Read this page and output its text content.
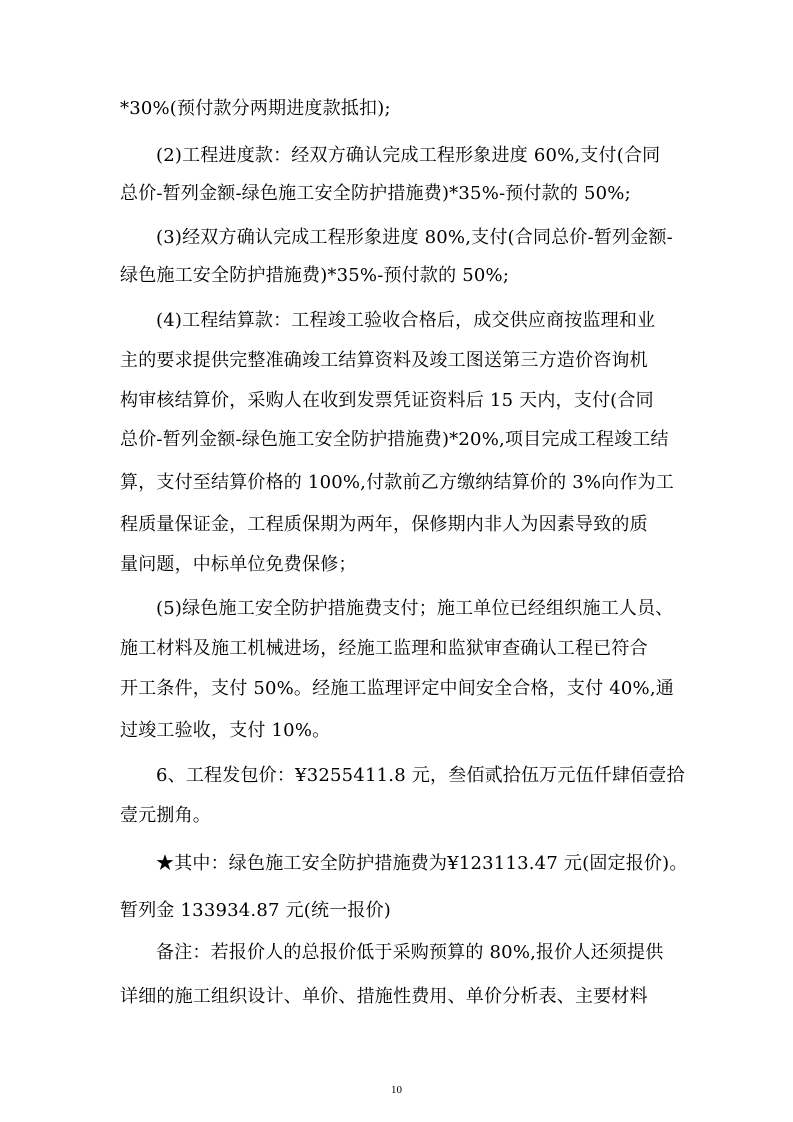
*30%(预付款分两期进度款抵扣);
(2)工程进度款：经双方确认完成工程形象进度 60%,支付(合同
总价-暂列金额-绿色施工安全防护措施费)*35%-预付款的 50%;
(3)经双方确认完成工程形象进度 80%,支付(合同总价-暂列金额-
绿色施工安全防护措施费)*35%-预付款的 50%;
(4)工程结算款：工程竣工验收合格后，成交供应商按监理和业
主的要求提供完整准确竣工结算资料及竣工图送第三方造价咨询机
构审核结算价，采购人在收到发票凭证资料后 15 天内，支付(合同
总价-暂列金额-绿色施工安全防护措施费)*20%,项目完成工程竣工结
算，支付至结算价格的 100%,付款前乙方缴纳结算价的 3%向作为工
程质量保证金，工程质保期为两年，保修期内非人为因素导致的质
量问题，中标单位免费保修；
(5)绿色施工安全防护措施费支付；施工单位已经组织施工人员、
施工材料及施工机械进场，经施工监理和监狱审查确认工程已符合
开工条件，支付 50%。经施工监理评定中间安全合格，支付 40%,通
过竣工验收，支付 10%。
6、工程发包价：¥3255411.8 元，叁佰贰拾伍万元伍仟肆佰壹拾
壹元捌角。
★其中：绿色施工安全防护措施费为¥123113.47 元(固定报价)。
暂列金 133934.87 元(统一报价)
备注：若报价人的总报价低于采购预算的 80%,报价人还须提供
详细的施工组织设计、单价、措施性费用、单价分析表、主要材料
10
